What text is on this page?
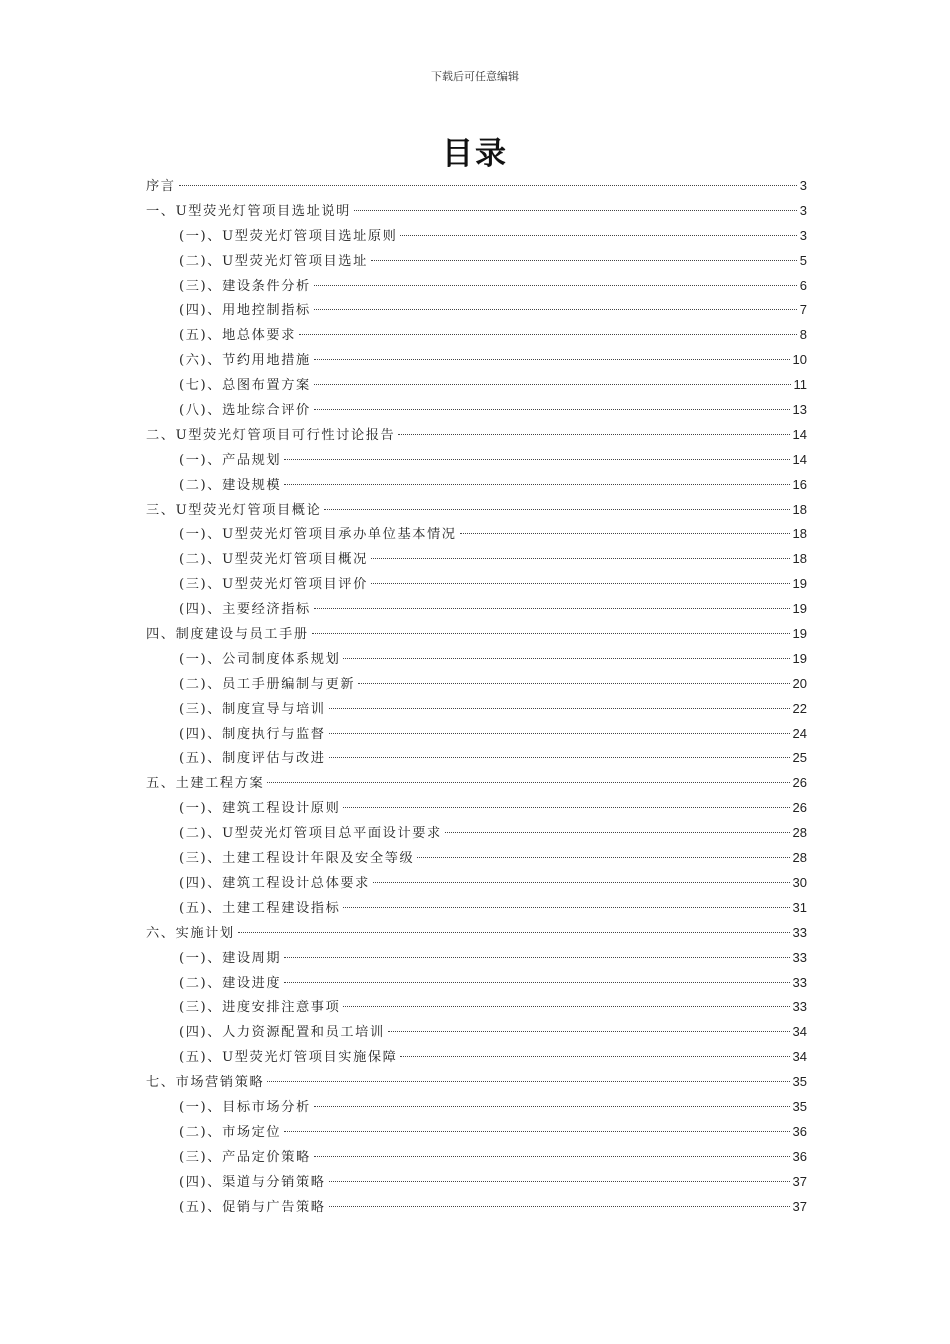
下载后可任意编辑
目录
序言	3
一、U型荧光灯管项目选址说明	3
(一)、U型荧光灯管项目选址原则	3
(二)、U型荧光灯管项目选址	5
(三)、建设条件分析	6
(四)、用地控制指标	7
(五)、地总体要求	8
(六)、节约用地措施	10
(七)、总图布置方案	11
(八)、选址综合评价	13
二、U型荧光灯管项目可行性讨论报告	14
(一)、产品规划	14
(二)、建设规模	16
三、U型荧光灯管项目概论	18
(一)、U型荧光灯管项目承办单位基本情况	18
(二)、U型荧光灯管项目概况	18
(三)、U型荧光灯管项目评价	19
(四)、主要经济指标	19
四、制度建设与员工手册	19
(一)、公司制度体系规划	19
(二)、员工手册编制与更新	20
(三)、制度宣导与培训	22
(四)、制度执行与监督	24
(五)、制度评估与改进	25
五、土建工程方案	26
(一)、建筑工程设计原则	26
(二)、U型荧光灯管项目总平面设计要求	28
(三)、土建工程设计年限及安全等级	28
(四)、建筑工程设计总体要求	30
(五)、土建工程建设指标	31
六、实施计划	33
(一)、建设周期	33
(二)、建设进度	33
(三)、进度安排注意事项	33
(四)、人力资源配置和员工培训	34
(五)、U型荧光灯管项目实施保障	34
七、市场营销策略	35
(一)、目标市场分析	35
(二)、市场定位	36
(三)、产品定价策略	36
(四)、渠道与分销策略	37
(五)、促销与广告策略	37
